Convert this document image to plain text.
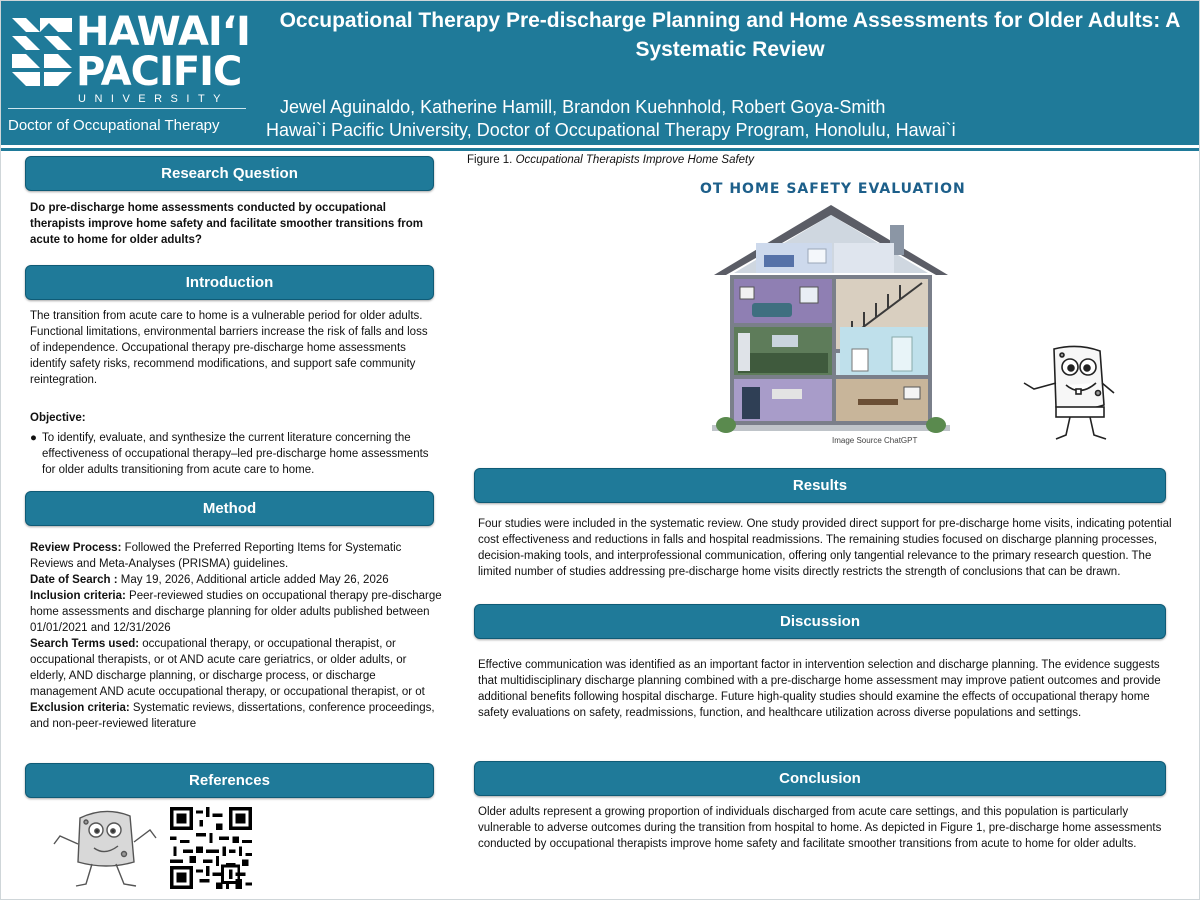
HAWAIʻI
PACIFIC
UNIVERSITY
Doctor of Occupational Therapy
Occupational Therapy Pre-discharge Planning and Home Assessments for Older Adults: A Systematic Review
Jewel Aguinaldo, Katherine Hamill, Brandon Kuehnhold, Robert Goya-Smith
Hawai`i Pacific University, Doctor of Occupational Therapy Program, Honolulu, Hawai`i
Research Question
Do pre-discharge home assessments conducted by occupational therapists improve home safety and facilitate smoother transitions from acute to home for older adults?
Introduction
The transition from acute care to home is a vulnerable period for older adults. Functional limitations, environmental barriers increase the risk of falls and loss of independence. Occupational therapy pre-discharge home assessments identify safety risks, recommend modifications, and support safe community reintegration.
Objective:
● To identify, evaluate, and synthesize the current literature concerning the effectiveness of occupational therapy–led pre-discharge home assessments for older adults transitioning from acute care to home.
Method
Review Process: Followed the Preferred Reporting Items for Systematic Reviews and Meta-Analyses (PRISMA) guidelines.
Date of Search : May 19, 2026, Additional article added May 26, 2026
Inclusion criteria: Peer-reviewed studies on occupational therapy pre-discharge home assessments and discharge planning for older adults published between 01/01/2021 and 12/31/2026
Search Terms used: occupational therapy, or occupational therapist, or occupational therapists, or ot AND acute care geriatrics, or older adults, or elderly, AND discharge planning, or discharge process, or discharge management AND acute occupational therapy, or occupational therapist, or ot
Exclusion criteria: Systematic reviews, dissertations, conference proceedings, and non-peer-reviewed literature
References
Figure 1. Occupational Therapists Improve Home Safety
OT HOME SAFETY EVALUATION
Image Source ChatGPT
Results
Four studies were included in the systematic review. One study provided direct support for pre-discharge home visits, indicating potential cost effectiveness and reductions in falls and hospital readmissions. The remaining studies focused on discharge planning processes, decision-making tools, and interprofessional communication, offering only tangential relevance to the primary research question. The limited number of studies addressing pre-discharge home visits directly restricts the strength of conclusions that can be drawn.
Discussion
Effective communication was identified as an important factor in intervention selection and discharge planning. The evidence suggests that multidisciplinary discharge planning combined with a pre-discharge home assessment may improve patient outcomes and provide additional benefits following hospital discharge. Future high-quality studies should examine the effects of occupational therapy home safety evaluations on safety, readmissions, function, and healthcare utilization across diverse populations and settings.
Conclusion
Older adults represent a growing proportion of individuals discharged from acute care settings, and this population is particularly vulnerable to adverse outcomes during the transition from hospital to home. As depicted in Figure 1, pre-discharge home assessments conducted by occupational therapists improve home safety and facilitate smoother transitions from acute to home for older adults.
